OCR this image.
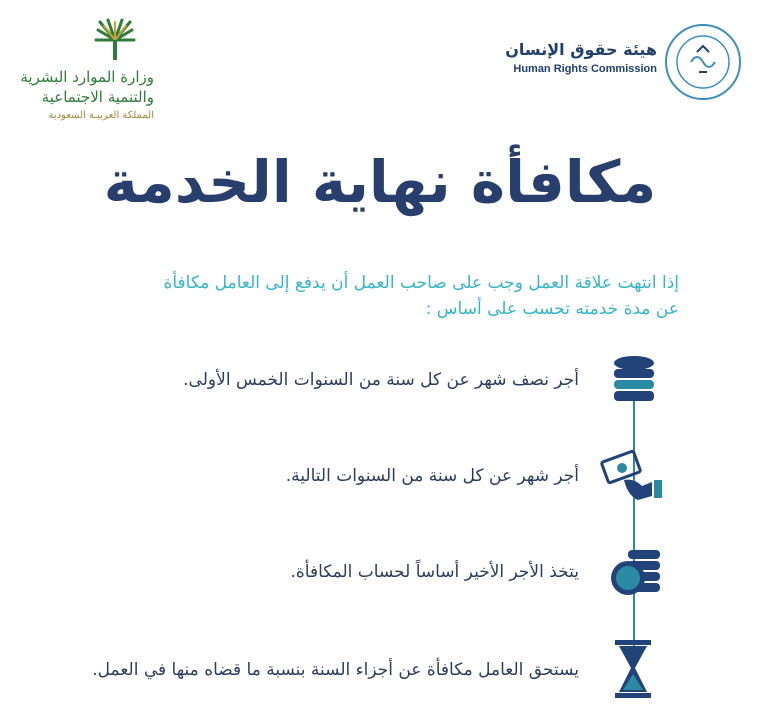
وزارة الموارد البشرية
والتنمية الاجتماعية
المملكة العربيـة السعودية
هيئة حقوق الإنسان
Human Rights Commission
مكافأة نهاية الخدمة
إذا انتهت علاقة العمل وجب على صاحب العمل أن يدفع إلى العامل مكافأة
عن مدة خدمته تحسب على أساس :
أجر نصف شهر عن كل سنة من السنوات الخمس الأولى.
أجر شهر عن كل سنة من السنوات التالية.
يتخذ الأجر الأخير أساساً لحساب المكافأة.
يستحق العامل مكافأة عن أجزاء السنة بنسبة ما قضاه منها في العمل.
